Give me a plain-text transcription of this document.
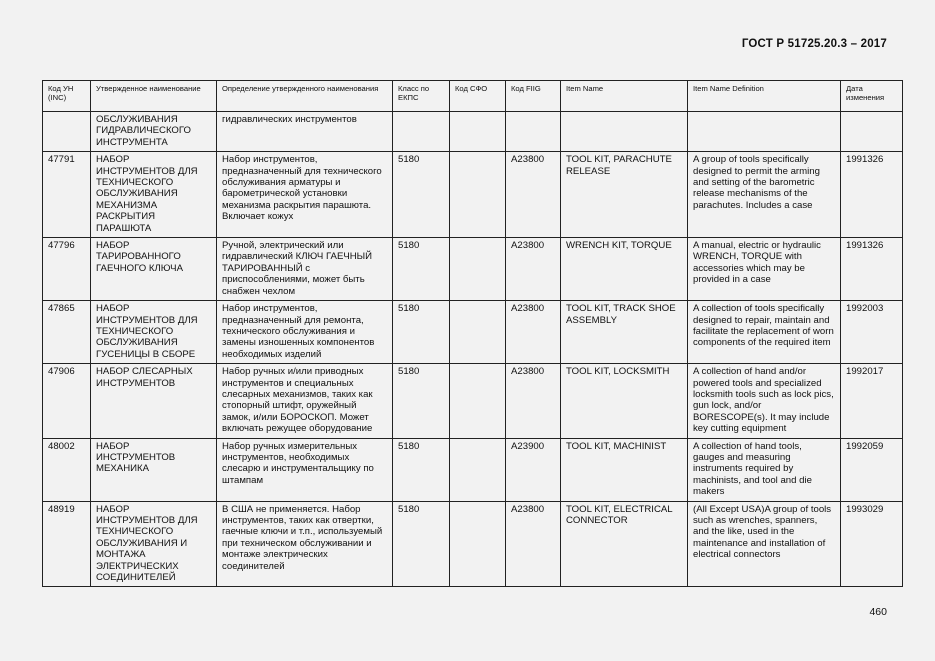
ГОСТ Р 51725.20.3 – 2017
Код УН (INC)	Утвержденное наименование	Определение утвержденного наименования	Класс по ЕКПС	Код СФО	Код FIIG	Item Name	Item Name Definition	Дата изменения
	ОБСЛУЖИВАНИЯ ГИДРАВЛИЧЕСКОГО ИНСТРУМЕНТА	гидравлических инструментов						
47791	НАБОР ИНСТРУМЕНТОВ ДЛЯ ТЕХНИЧЕСКОГО ОБСЛУЖИВАНИЯ МЕХАНИЗМА РАСКРЫТИЯ ПАРАШЮТА	Набор инструментов, предназначенный для технического обслуживания арматуры и барометрической установки механизма раскрытия парашюта. Включает кожух	5180		A23800	TOOL KIT, PARACHUTE RELEASE	A group of tools specifically designed to permit the arming and setting of the barometric release mechanisms of the parachutes. Includes a case	1991326
47796	НАБОР ТАРИРОВАННОГО ГАЕЧНОГО КЛЮЧА	Ручной, электрический или гидравлический КЛЮЧ ГАЕЧНЫЙ ТАРИРОВАННЫЙ с приспособлениями, может быть снабжен чехлом	5180		A23800	WRENCH KIT, TORQUE	A manual, electric or hydraulic WRENCH, TORQUE with accessories which may be provided in a case	1991326
47865	НАБОР ИНСТРУМЕНТОВ ДЛЯ ТЕХНИЧЕСКОГО ОБСЛУЖИВАНИЯ ГУСЕНИЦЫ В СБОРЕ	Набор инструментов, предназначенный для ремонта, технического обслуживания и замены изношенных компонентов необходимых изделий	5180		A23800	TOOL KIT, TRACK SHOE ASSEMBLY	A collection of tools specifically designed to repair, maintain and facilitate the replacement of worn components of the required item	1992003
47906	НАБОР СЛЕСАРНЫХ ИНСТРУМЕНТОВ	Набор ручных и/или приводных инструментов и специальных слесарных механизмов, таких как стопорный штифт, оружейный замок, и/или БОРОСКОП. Может включать режущее оборудование	5180		A23800	TOOL KIT, LOCKSMITH	A collection of hand and/or powered tools and specialized locksmith tools such as lock pics, gun lock, and/or BORESCOPE(s). It may include key cutting equipment	1992017
48002	НАБОР ИНСТРУМЕНТОВ МЕХАНИКА	Набор ручных измерительных инструментов, необходимых слесарю и инструментальщику по штампам	5180		A23900	TOOL KIT, MACHINIST	A collection of hand tools, gauges and measuring instruments required by machinists, and tool and die makers	1992059
48919	НАБОР ИНСТРУМЕНТОВ ДЛЯ ТЕХНИЧЕСКОГО ОБСЛУЖИВАНИЯ И МОНТАЖА ЭЛЕКТРИЧЕСКИХ СОЕДИНИТЕЛЕЙ	В США не применяется. Набор инструментов, таких как отвертки, гаечные ключи и т.п., используемый при техническом обслуживании и монтаже электрических соединителей	5180		A23800	TOOL KIT, ELECTRICAL CONNECTOR	(All Except USA)A group of tools such as wrenches, spanners, and the like, used in the maintenance and installation of electrical connectors	1993029
460
